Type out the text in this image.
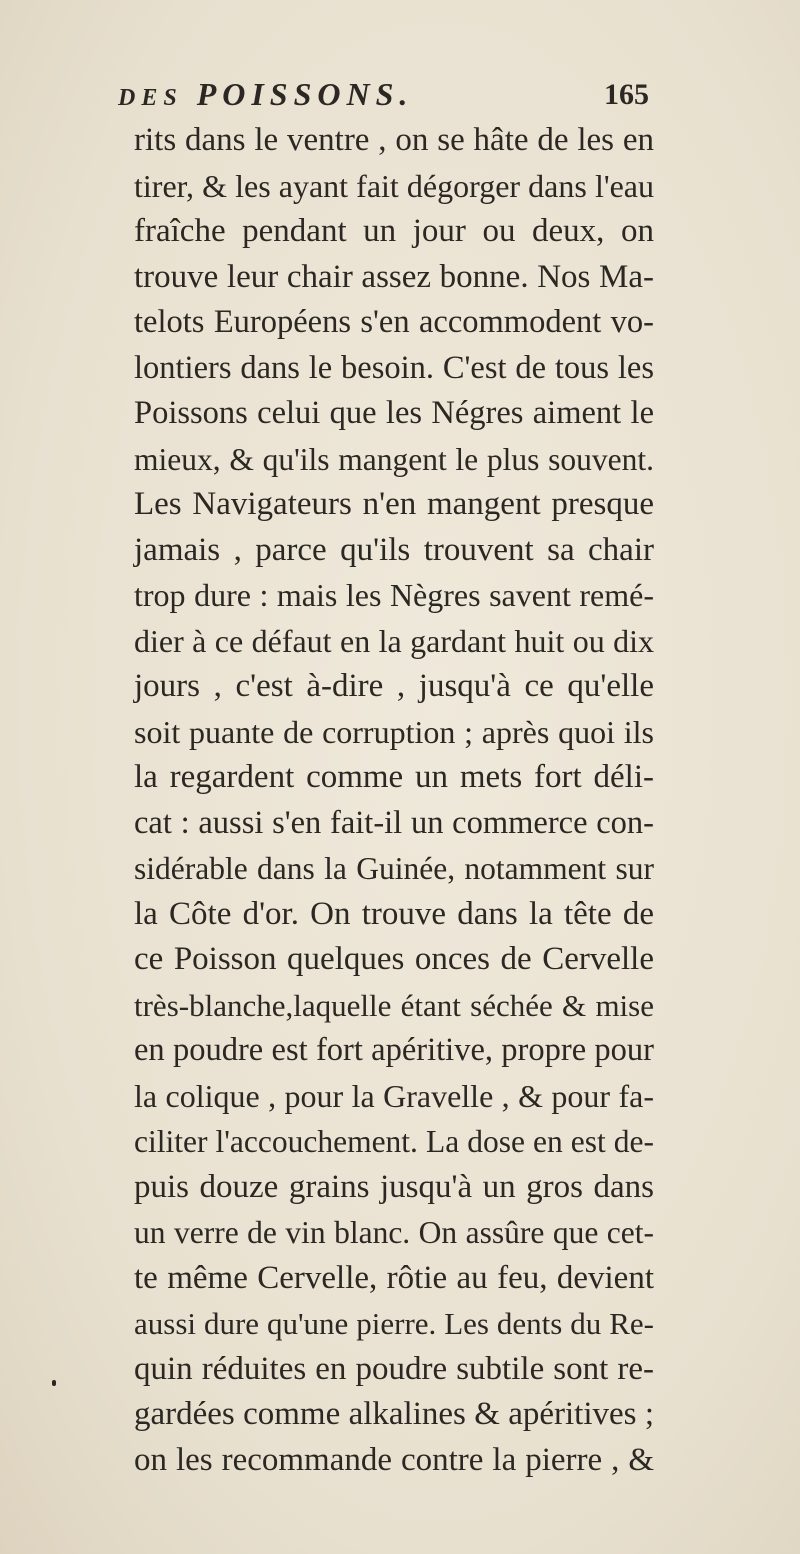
DES POISSONS.	165
rits dans le ventre , on se hâte de les en
tirer, & les ayant fait dégorger dans l'eau
fraîche pendant un jour ou deux, on
trouve leur chair assez bonne. Nos Ma-
telots Européens s'en accommodent vo-
lontiers dans le besoin. C'est de tous les
Poissons celui que les Négres aiment le
mieux, & qu'ils mangent le plus souvent.
Les Navigateurs n'en mangent presque
jamais , parce qu'ils trouvent sa chair
trop dure : mais les Nègres savent remé-
dier à ce défaut en la gardant huit ou dix
jours , c'est à-dire , jusqu'à ce qu'elle
soit puante de corruption ; après quoi ils
la regardent comme un mets fort déli-
cat : aussi s'en fait-il un commerce con-
sidérable dans la Guinée, notamment sur
la Côte d'or. On trouve dans la tête de
ce Poisson quelques onces de Cervelle
très-blanche,laquelle étant séchée & mise
en poudre est fort apéritive, propre pour
la colique , pour la Gravelle , & pour fa-
ciliter l'accouchement. La dose en est de-
puis douze grains jusqu'à un gros dans
un verre de vin blanc. On assûre que cet-
te même Cervelle, rôtie au feu, devient
aussi dure qu'une pierre. Les dents du Re-
quin réduites en poudre subtile sont re-
gardées comme alkalines & apéritives ;
on les recommande contre la pierre , &
